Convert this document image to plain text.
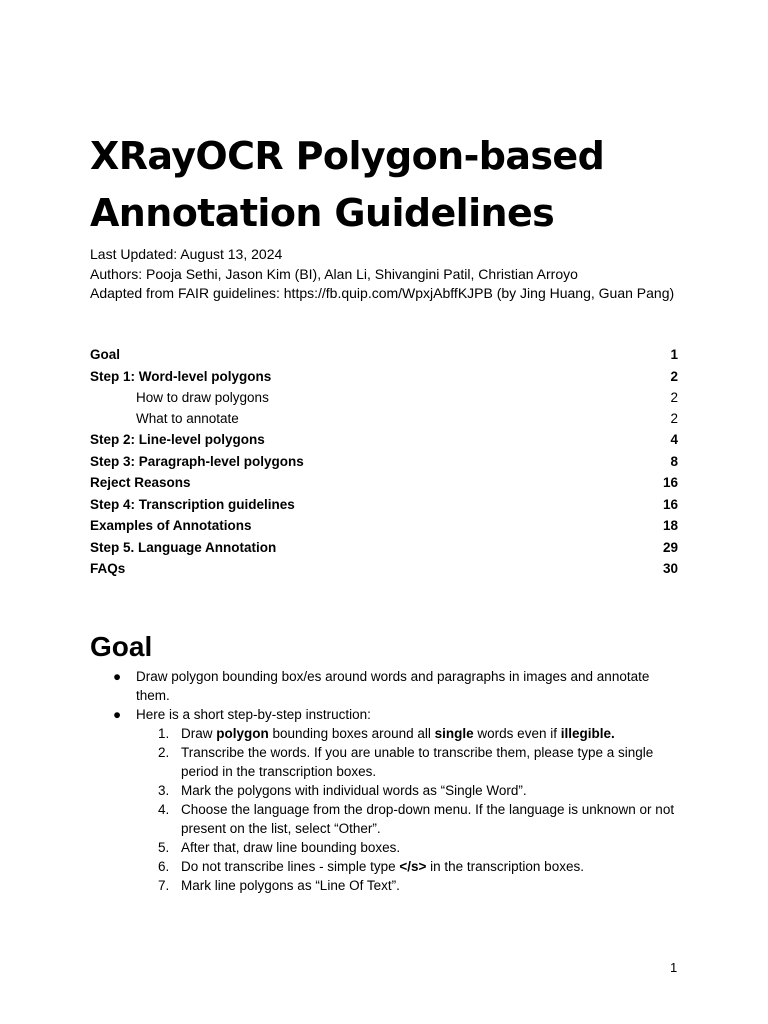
XRayOCR Polygon-based
Annotation Guidelines
Last Updated: August 13, 2024
Authors: Pooja Sethi, Jason Kim (BI), Alan Li, Shivangini Patil, Christian Arroyo
Adapted from FAIR guidelines: https://fb.quip.com/WpxjAbffKJPB (by Jing Huang, Guan Pang)
Goal	1
Step 1: Word-level polygons	2
How to draw polygons	2
What to annotate	2
Step 2: Line-level polygons	4
Step 3: Paragraph-level polygons	8
Reject Reasons	16
Step 4: Transcription guidelines	16
Examples of Annotations	18
Step 5. Language Annotation	29
FAQs	30
Goal
● Draw polygon bounding box/es around words and paragraphs in images and annotate them.
● Here is a short step-by-step instruction:
1. Draw polygon bounding boxes around all single words even if illegible.
2. Transcribe the words. If you are unable to transcribe them, please type a single period in the transcription boxes.
3. Mark the polygons with individual words as “Single Word”.
4. Choose the language from the drop-down menu. If the language is unknown or not present on the list, select “Other”.
5. After that, draw line bounding boxes.
6. Do not transcribe lines - simple type </s> in the transcription boxes.
7. Mark line polygons as “Line Of Text”.
1
